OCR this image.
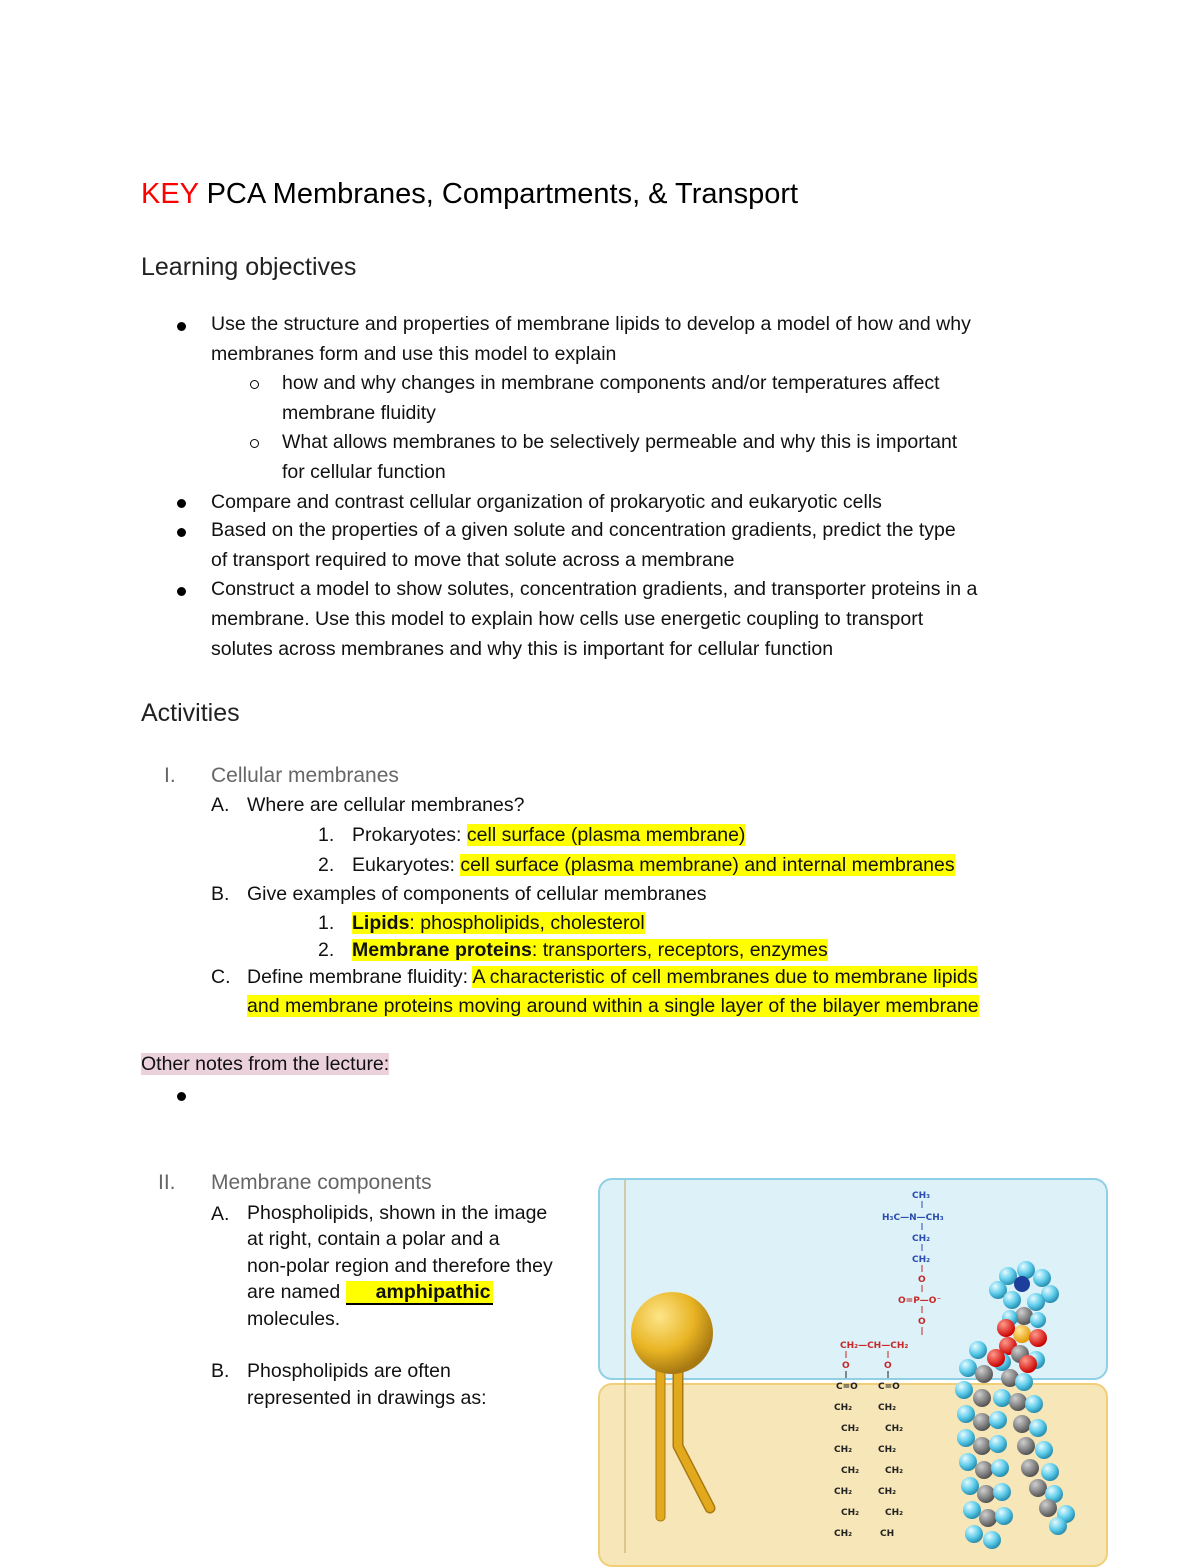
KEY PCA Membranes, Compartments, & Transport
Learning objectives
Use the structure and properties of membrane lipids to develop a model of how and why
membranes form and use this model to explain
how and why changes in membrane components and/or temperatures affect
membrane fluidity
What allows membranes to be selectively permeable and why this is important
for cellular function
Compare and contrast cellular organization of prokaryotic and eukaryotic cells
Based on the properties of a given solute and concentration gradients, predict the type
of transport required to move that solute across a membrane
Construct a model to show solutes, concentration gradients, and transporter proteins in a
membrane. Use this model to explain how cells use energetic coupling to transport
solutes across membranes and why this is important for cellular function
Activities
I. Cellular membranes
A. Where are cellular membranes?
1. Prokaryotes: cell surface (plasma membrane)
2. Eukaryotes: cell surface (plasma membrane) and internal membranes
B. Give examples of components of cellular membranes
1. Lipids: phospholipids, cholesterol
2. Membrane proteins: transporters, receptors, enzymes
C. Define membrane fluidity: A characteristic of cell membranes due to membrane lipids
and membrane proteins moving around within a single layer of the bilayer membrane
Other notes from the lecture:
II. Membrane components
A. Phospholipids, shown in the image
at right, contain a polar and a
non-polar region and therefore they
are named amphipathic
molecules.
B. Phospholipids are often
represented in drawings as:
CH₃
H₃C—N—CH₃
CH₂
CH₂
O
O=P—O⁻
O
CH₂—CH—CH₂
O	O
C=O C=O
CH₂	CH₂
CH₂	CH₂
CH₂	CH₂
CH₂	CH₂
CH₂	CH₂
CH₂	CH₂
CH₂	CH
